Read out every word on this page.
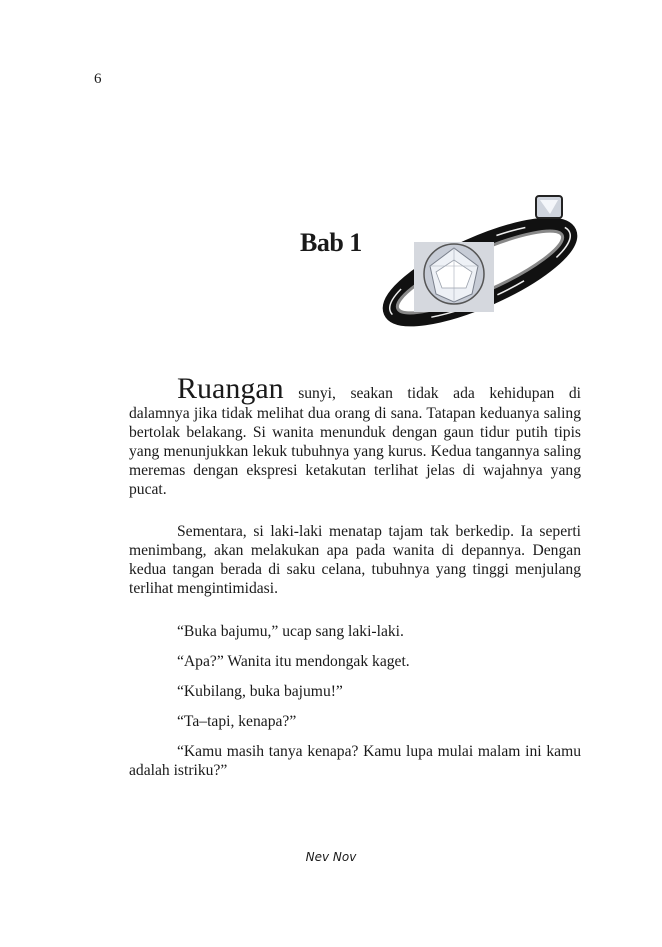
6
Bab 1

Ruangan sunyi, seakan tidak ada kehidupan di dalamnya jika tidak melihat dua orang di sana. Tatapan keduanya saling bertolak belakang. Si wanita menunduk dengan gaun tidur putih tipis yang menunjukkan lekuk tubuhnya yang kurus. Kedua tangannya saling meremas dengan ekspresi ketakutan terlihat jelas di wajahnya yang pucat.

Sementara, si laki-laki menatap tajam tak berkedip. Ia seperti menimbang, akan melakukan apa pada wanita di depannya. Dengan kedua tangan berada di saku celana, tubuhnya yang tinggi menjulang terlihat mengintimidasi.

“Buka bajumu,” ucap sang laki-laki.
“Apa?” Wanita itu mendongak kaget.
“Kubilang, buka bajumu!”
“Ta–tapi, kenapa?”
“Kamu masih tanya kenapa? Kamu lupa mulai malam ini kamu adalah istriku?”
Nev Nov
